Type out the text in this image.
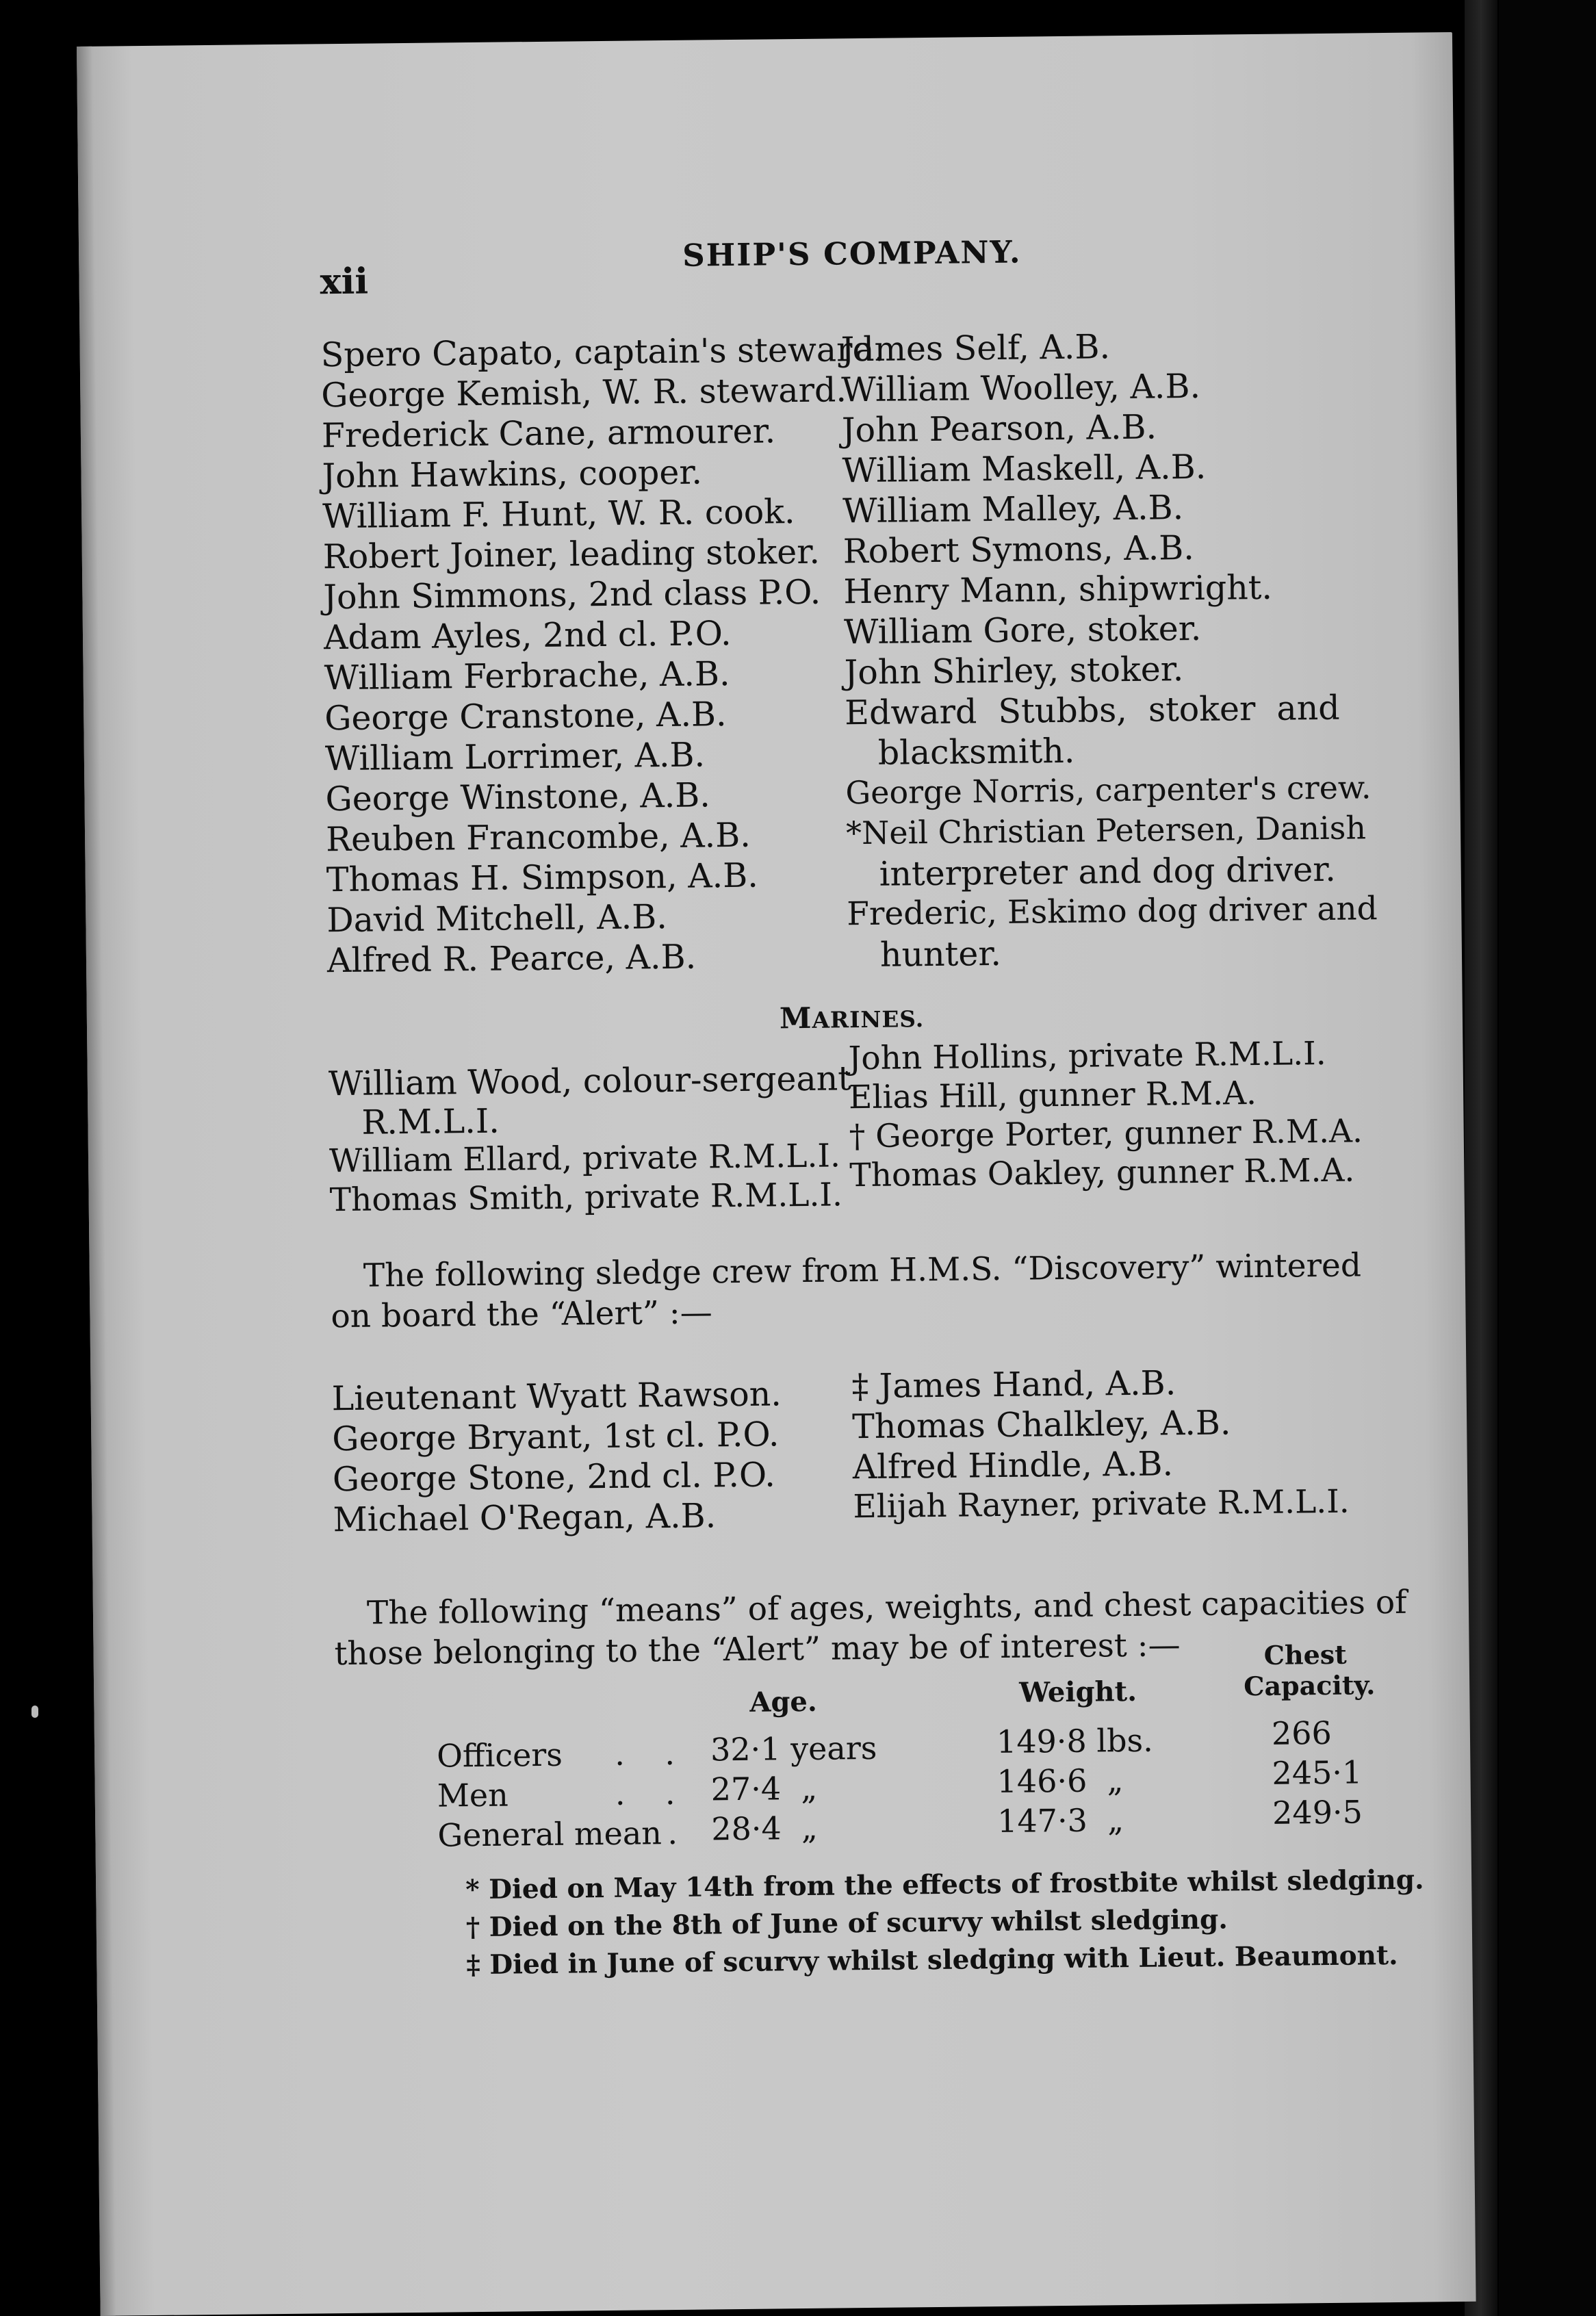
xii
SHIP'S COMPANY.
Spero Capato, captain's steward.
George Kemish, W. R. steward.
Frederick Cane, armourer.
John Hawkins, cooper.
William F. Hunt, W. R. cook.
Robert Joiner, leading stoker.
John Simmons, 2nd class P.O.
Adam Ayles, 2nd cl. P.O.
William Ferbrache, A.B.
George Cranstone, A.B.
William Lorrimer, A.B.
George Winstone, A.B.
Reuben Francombe, A.B.
Thomas H. Simpson, A.B.
David Mitchell, A.B.
Alfred R. Pearce, A.B.
James Self, A.B.
William Woolley, A.B.
John Pearson, A.B.
William Maskell, A.B.
William Malley, A.B.
Robert Symons, A.B.
Henry Mann, shipwright.
William Gore, stoker.
John Shirley, stoker.
Edward  Stubbs,  stoker  and
blacksmith.
George Norris, carpenter's crew.
*Neil Christian Petersen, Danish
interpreter and dog driver.
Frederic, Eskimo dog driver and
hunter.
MARINES.
William Wood, colour-sergeant
R.M.L.I.
William Ellard, private R.M.L.I.
Thomas Smith, private R.M.L.I.
John Hollins, private R.M.L.I.
Elias Hill, gunner R.M.A.
† George Porter, gunner R.M.A.
Thomas Oakley, gunner R.M.A.
The following sledge crew from H.M.S. “Discovery” wintered
on board the “Alert” :—
Lieutenant Wyatt Rawson.
George Bryant, 1st cl. P.O.
George Stone, 2nd cl. P.O.
Michael O'Regan, A.B.
‡ James Hand, A.B.
Thomas Chalkley, A.B.
Alfred Hindle, A.B.
Elijah Rayner, private R.M.L.I.
The following “means” of ages, weights, and chest capacities of
those belonging to the “Alert” may be of interest :—
Age.	Weight.
Chest
Capacity.
Officers .    . 32·1 years	149·8 lbs.	266
Men	.    . 27·4  „	146·6  „	245·1
General mean . 28·4  „	147·3  „	249·5
* Died on May 14th from the effects of frostbite whilst sledging.
† Died on the 8th of June of scurvy whilst sledging.
‡ Died in June of scurvy whilst sledging with Lieut. Beaumont.
